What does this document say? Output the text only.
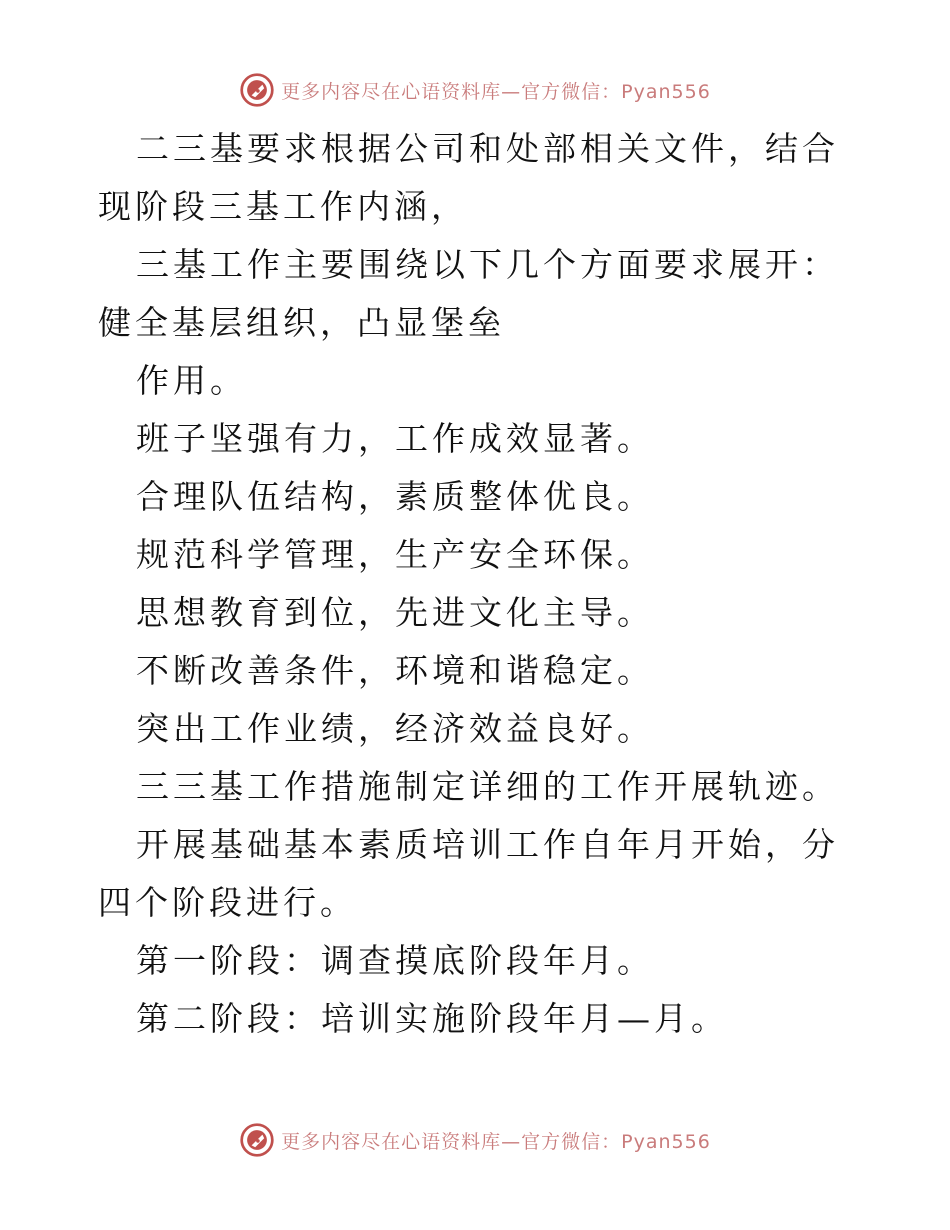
更多内容尽在心语资料库—官方微信：Pyan556

二三基要求根据公司和处部相关文件，结合现阶段三基工作内涵，

三基工作主要围绕以下几个方面要求展开：健全基层组织，凸显堡垒

作用。

班子坚强有力，工作成效显著。

合理队伍结构，素质整体优良。

规范科学管理，生产安全环保。

思想教育到位，先进文化主导。

不断改善条件，环境和谐稳定。

突出工作业绩，经济效益良好。

三三基工作措施制定详细的工作开展轨迹。

开展基础基本素质培训工作自年月开始，分四个阶段进行。

第一阶段：调查摸底阶段年月。

第二阶段：培训实施阶段年月—月。

更多内容尽在心语资料库—官方微信：Pyan556
